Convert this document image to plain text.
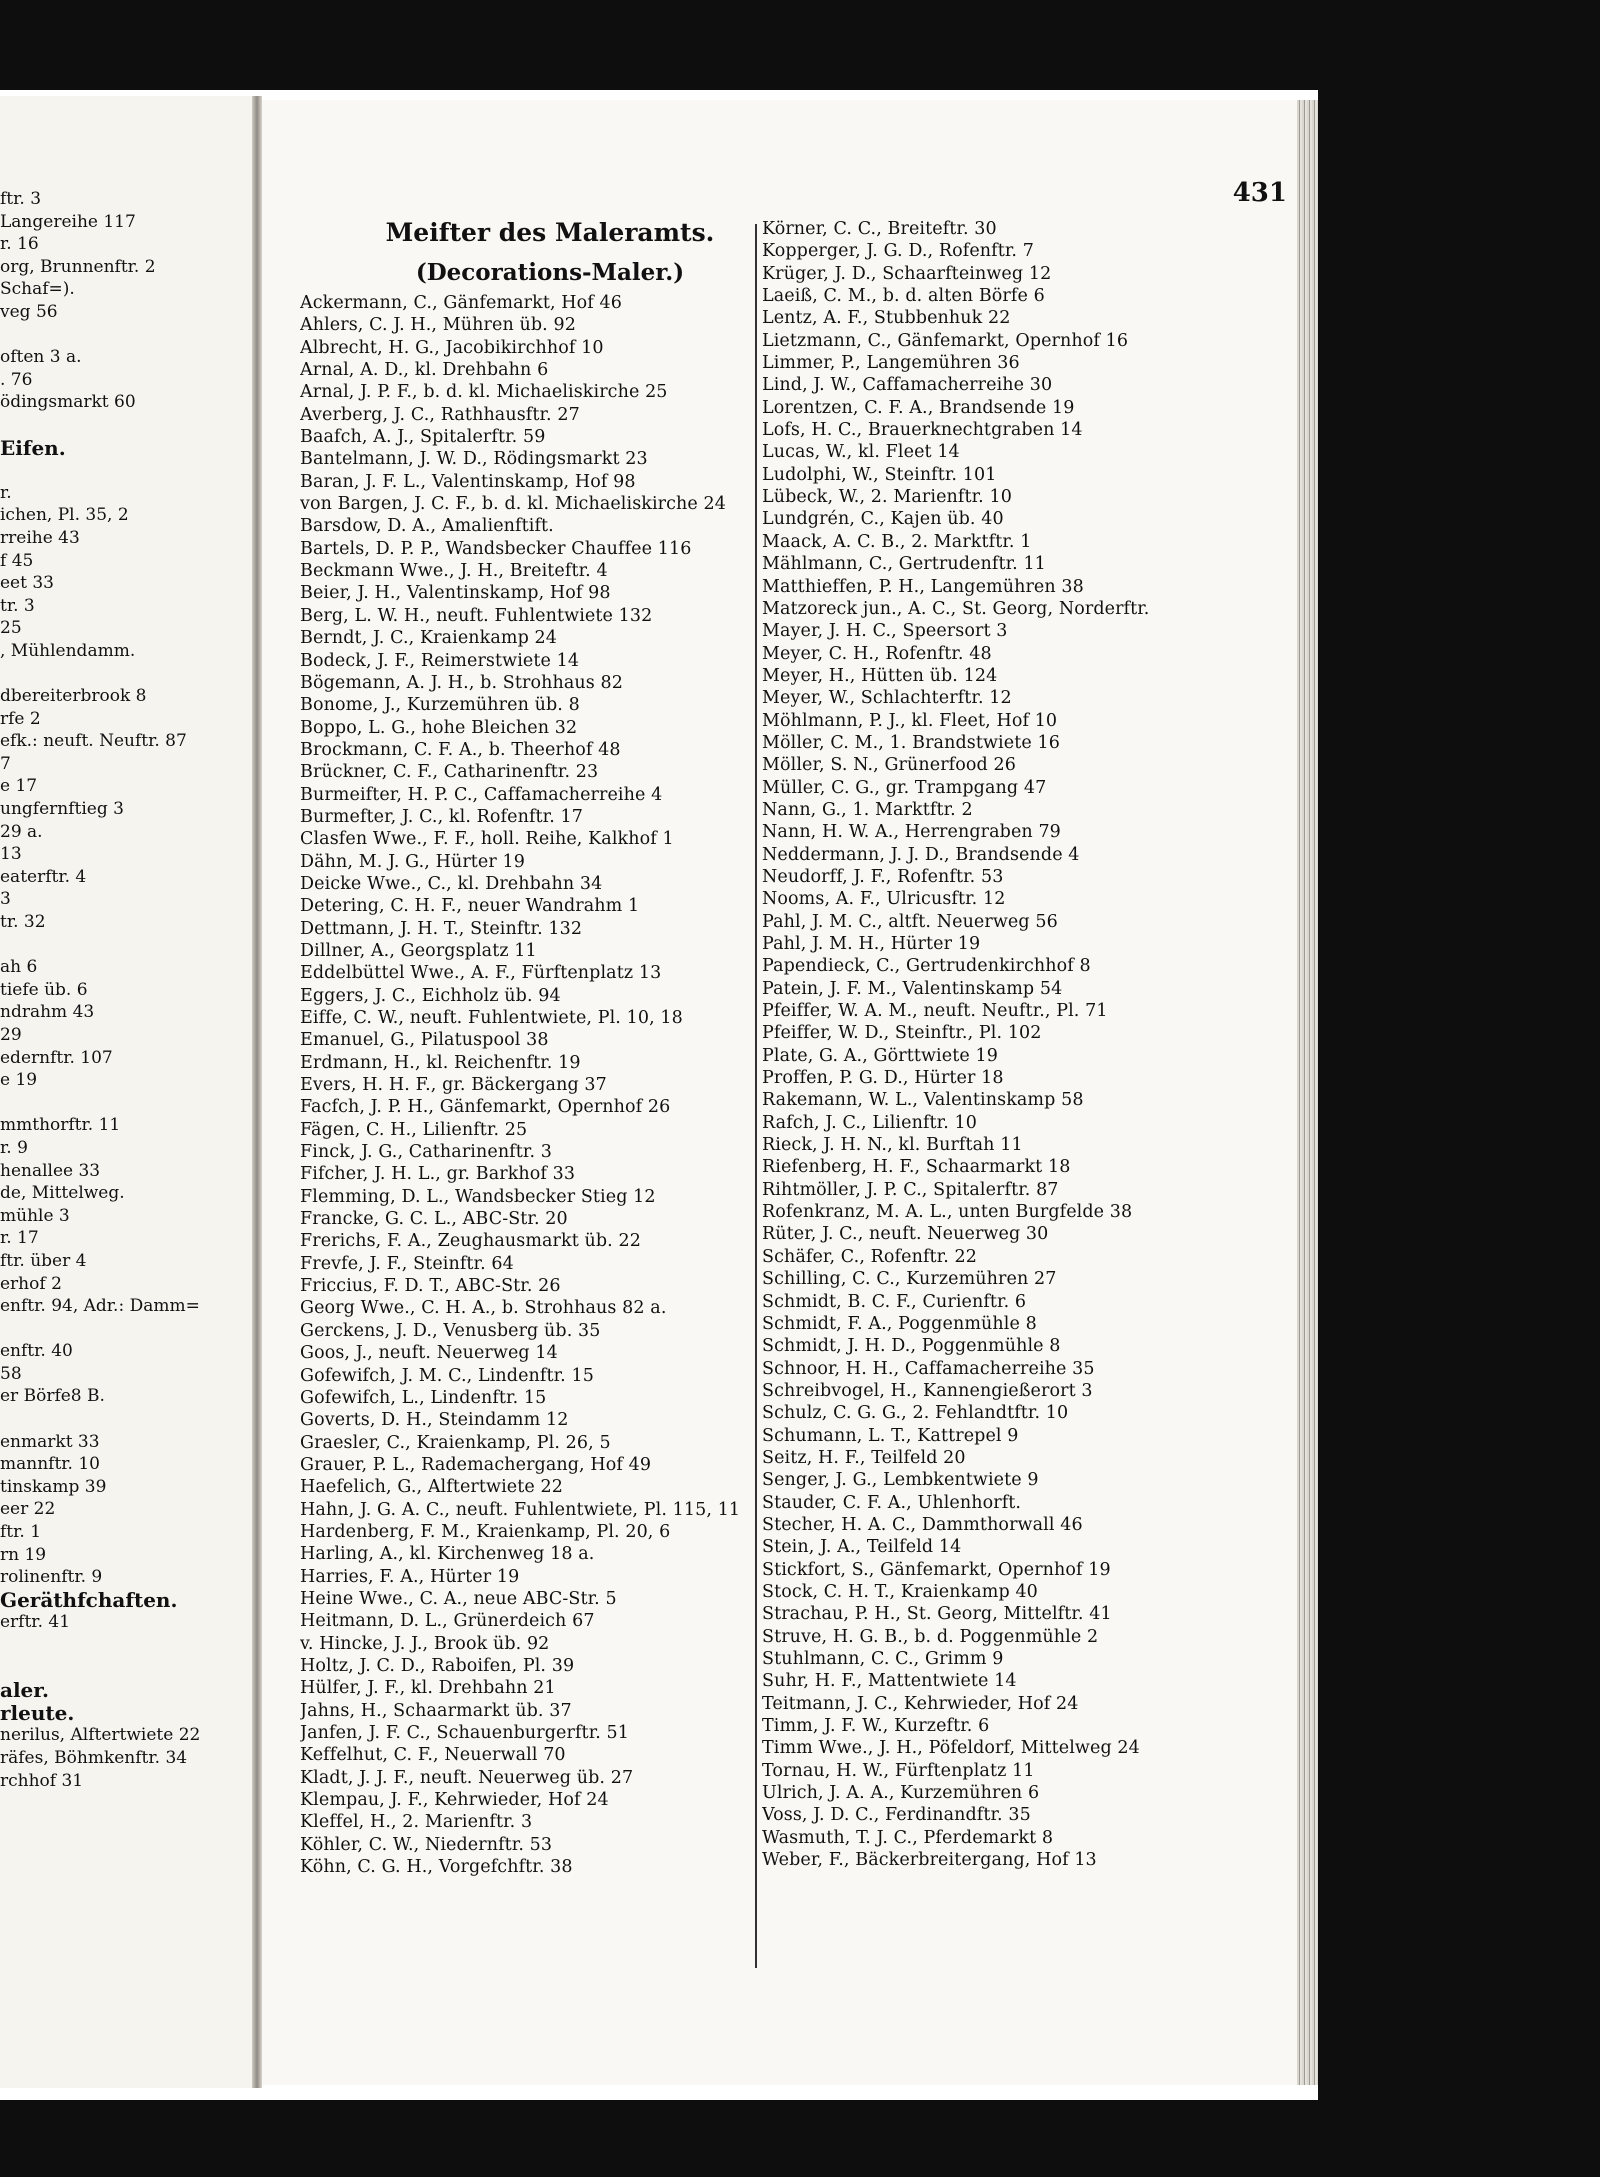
ftr. 3
Langereihe 117
r. 16
org, Brunnenftr. 2
Schaf=).
veg 56
often 3 a.
. 76
ödingsmarkt 60
Eifen.
r.
ichen, Pl. 35, 2
rreihe 43
f 45
eet 33
tr. 3
25
, Mühlendamm.
dbereiterbrook 8
rfe 2
efk.: neuft. Neuftr. 87
7
e 17
ungfernftieg 3
29 a.
13
eaterftr. 4
3
tr. 32
ah 6
tiefe üb. 6
ndrahm 43
29
edernftr. 107
e 19
mmthorftr. 11
r. 9
henallee 33
de, Mittelweg.
mühle 3
r. 17
ftr. über 4
erhof 2
enftr. 94, Adr.: Damm=
enftr. 40
58
er Börfe8 B.
enmarkt 33
mannftr. 10
tinskamp 39
eer 22
ftr. 1
rn 19
rolinenftr. 9
Geräthfchaften.
erftr. 41
aler.
rleute.
nerilus, Alftertwiete 22
räfes, Böhmkenftr. 34
rchhof 31
431
Meifter des Maleramts.
(Decorations-Maler.)
Ackermann, C., Gänfemarkt, Hof 46
Ahlers, C. J. H., Mühren üb. 92
Albrecht, H. G., Jacobikirchhof 10
Arnal, A. D., kl. Drehbahn 6
Arnal, J. P. F., b. d. kl. Michaeliskirche 25
Averberg, J. C., Rathhausftr. 27
Baafch, A. J., Spitalerftr. 59
Bantelmann, J. W. D., Rödingsmarkt 23
Baran, J. F. L., Valentinskamp, Hof 98
von Bargen, J. C. F., b. d. kl. Michaeliskirche 24
Barsdow, D. A., Amalienftift.
Bartels, D. P. P., Wandsbecker Chauffee 116
Beckmann Wwe., J. H., Breiteftr. 4
Beier, J. H., Valentinskamp, Hof 98
Berg, L. W. H., neuft. Fuhlentwiete 132
Berndt, J. C., Kraienkamp 24
Bodeck, J. F., Reimerstwiete 14
Bögemann, A. J. H., b. Strohhaus 82
Bonome, J., Kurzemühren üb. 8
Boppo, L. G., hohe Bleichen 32
Brockmann, C. F. A., b. Theerhof 48
Brückner, C. F., Catharinenftr. 23
Burmeifter, H. P. C., Caffamacherreihe 4
Burmefter, J. C., kl. Rofenftr. 17
Clasfen Wwe., F. F., holl. Reihe, Kalkhof 1
Dähn, M. J. G., Hürter 19
Deicke Wwe., C., kl. Drehbahn 34
Detering, C. H. F., neuer Wandrahm 1
Dettmann, J. H. T., Steinftr. 132
Dillner, A., Georgsplatz 11
Eddelbüttel Wwe., A. F., Fürftenplatz 13
Eggers, J. C., Eichholz üb. 94
Eiffe, C. W., neuft. Fuhlentwiete, Pl. 10, 18
Emanuel, G., Pilatuspool 38
Erdmann, H., kl. Reichenftr. 19
Evers, H. H. F., gr. Bäckergang 37
Facfch, J. P. H., Gänfemarkt, Opernhof 26
Fägen, C. H., Lilienftr. 25
Finck, J. G., Catharinenftr. 3
Fifcher, J. H. L., gr. Barkhof 33
Flemming, D. L., Wandsbecker Stieg 12
Francke, G. C. L., ABC-Str. 20
Frerichs, F. A., Zeughausmarkt üb. 22
Frevfe, J. F., Steinftr. 64
Friccius, F. D. T., ABC-Str. 26
Georg Wwe., C. H. A., b. Strohhaus 82 a.
Gerckens, J. D., Venusberg üb. 35
Goos, J., neuft. Neuerweg 14
Gofewifch, J. M. C., Lindenftr. 15
Gofewifch, L., Lindenftr. 15
Goverts, D. H., Steindamm 12
Graesler, C., Kraienkamp, Pl. 26, 5
Grauer, P. L., Rademachergang, Hof 49
Haefelich, G., Alftertwiete 22
Hahn, J. G. A. C., neuft. Fuhlentwiete, Pl. 115, 11
Hardenberg, F. M., Kraienkamp, Pl. 20, 6
Harling, A., kl. Kirchenweg 18 a.
Harries, F. A., Hürter 19
Heine Wwe., C. A., neue ABC-Str. 5
Heitmann, D. L., Grünerdeich 67
v. Hincke, J. J., Brook üb. 92
Holtz, J. C. D., Raboifen, Pl. 39
Hülfer, J. F., kl. Drehbahn 21
Jahns, H., Schaarmarkt üb. 37
Janfen, J. F. C., Schauenburgerftr. 51
Keffelhut, C. F., Neuerwall 70
Kladt, J. J. F., neuft. Neuerweg üb. 27
Klempau, J. F., Kehrwieder, Hof 24
Kleffel, H., 2. Marienftr. 3
Köhler, C. W., Niedernftr. 53
Köhn, C. G. H., Vorgefchftr. 38
Körner, C. C., Breiteftr. 30
Kopperger, J. G. D., Rofenftr. 7
Krüger, J. D., Schaarfteinweg 12
Laeiß, C. M., b. d. alten Börfe 6
Lentz, A. F., Stubbenhuk 22
Lietzmann, C., Gänfemarkt, Opernhof 16
Limmer, P., Langemühren 36
Lind, J. W., Caffamacherreihe 30
Lorentzen, C. F. A., Brandsende 19
Lofs, H. C., Brauerknechtgraben 14
Lucas, W., kl. Fleet 14
Ludolphi, W., Steinftr. 101
Lübeck, W., 2. Marienftr. 10
Lundgrén, C., Kajen üb. 40
Maack, A. C. B., 2. Marktftr. 1
Mählmann, C., Gertrudenftr. 11
Matthieffen, P. H., Langemühren 38
Matzoreck jun., A. C., St. Georg, Norderftr.
Mayer, J. H. C., Speersort 3
Meyer, C. H., Rofenftr. 48
Meyer, H., Hütten üb. 124
Meyer, W., Schlachterftr. 12
Möhlmann, P. J., kl. Fleet, Hof 10
Möller, C. M., 1. Brandstwiete 16
Möller, S. N., Grünerfood 26
Müller, C. G., gr. Trampgang 47
Nann, G., 1. Marktftr. 2
Nann, H. W. A., Herrengraben 79
Neddermann, J. J. D., Brandsende 4
Neudorff, J. F., Rofenftr. 53
Nooms, A. F., Ulricusftr. 12
Pahl, J. M. C., altft. Neuerweg 56
Pahl, J. M. H., Hürter 19
Papendieck, C., Gertrudenkirchhof 8
Patein, J. F. M., Valentinskamp 54
Pfeiffer, W. A. M., neuft. Neuftr., Pl. 71
Pfeiffer, W. D., Steinftr., Pl. 102
Plate, G. A., Görttwiete 19
Proffen, P. G. D., Hürter 18
Rakemann, W. L., Valentinskamp 58
Rafch, J. C., Lilienftr. 10
Rieck, J. H. N., kl. Burftah 11
Riefenberg, H. F., Schaarmarkt 18
Rihtmöller, J. P. C., Spitalerftr. 87
Rofenkranz, M. A. L., unten Burgfelde 38
Rüter, J. C., neuft. Neuerweg 30
Schäfer, C., Rofenftr. 22
Schilling, C. C., Kurzemühren 27
Schmidt, B. C. F., Curienftr. 6
Schmidt, F. A., Poggenmühle 8
Schmidt, J. H. D., Poggenmühle 8
Schnoor, H. H., Caffamacherreihe 35
Schreibvogel, H., Kannengießerort 3
Schulz, C. G. G., 2. Fehlandtftr. 10
Schumann, L. T., Kattrepel 9
Seitz, H. F., Teilfeld 20
Senger, J. G., Lembkentwiete 9
Stauder, C. F. A., Uhlenhorft.
Stecher, H. A. C., Dammthorwall 46
Stein, J. A., Teilfeld 14
Stickfort, S., Gänfemarkt, Opernhof 19
Stock, C. H. T., Kraienkamp 40
Strachau, P. H., St. Georg, Mittelftr. 41
Struve, H. G. B., b. d. Poggenmühle 2
Stuhlmann, C. C., Grimm 9
Suhr, H. F., Mattentwiete 14
Teitmann, J. C., Kehrwieder, Hof 24
Timm, J. F. W., Kurzeftr. 6
Timm Wwe., J. H., Pöfeldorf, Mittelweg 24
Tornau, H. W., Fürftenplatz 11
Ulrich, J. A. A., Kurzemühren 6
Voss, J. D. C., Ferdinandftr. 35
Wasmuth, T. J. C., Pferdemarkt 8
Weber, F., Bäckerbreitergang, Hof 13
